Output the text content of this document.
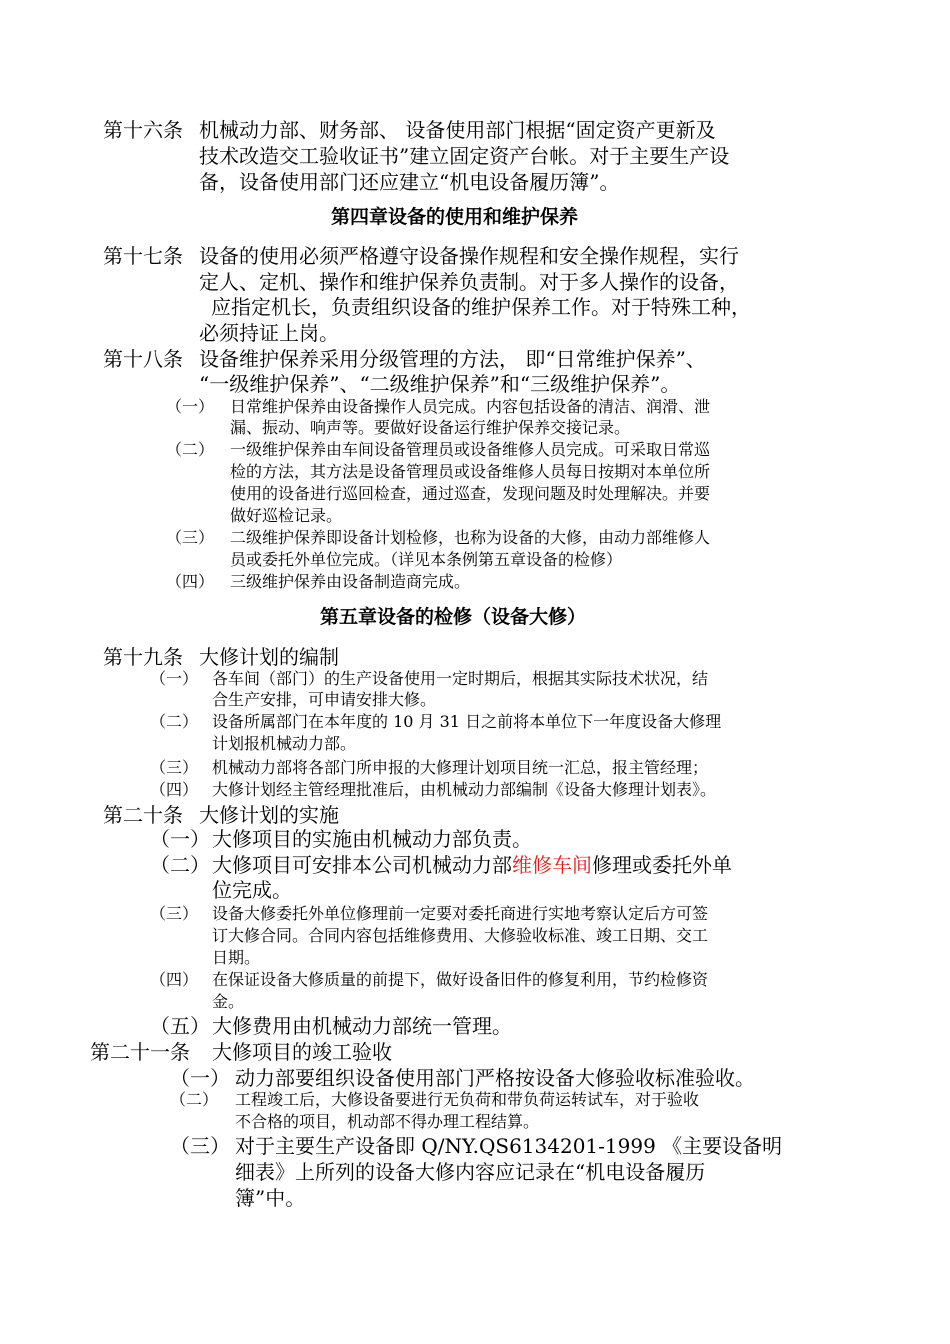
第十六条 机械动力部、财务部、 设备使用部门根据“固定资产更新及
技术改造交工验收证书”建立固定资产台帐。对于主要生产设
备，设备使用部门还应建立“机电设备履历簿”。
第四章设备的使用和维护保养
第十七条 设备的使用必须严格遵守设备操作规程和安全操作规程，实行
定人、定机、操作和维护保养负责制。对于多人操作的设备，
应指定机长，负责组织设备的维护保养工作。对于特殊工种，
必须持证上岗。
第十八条 设备维护保养采用分级管理的方法， 即“日常维护保养”、
“一级维护保养”、“二级维护保养”和“三级维护保养”。
（一） 日常维护保养由设备操作人员完成。内容包括设备的清洁、润滑、泄
漏、振动、响声等。要做好设备运行维护保养交接记录。
（二） 一级维护保养由车间设备管理员或设备维修人员完成。可采取日常巡
检的方法，其方法是设备管理员或设备维修人员每日按期对本单位所
使用的设备进行巡回检查，通过巡查，发现问题及时处理解决。并要
做好巡检记录。
（三） 二级维护保养即设备计划检修，也称为设备的大修，由动力部维修人
员或委托外单位完成。（详见本条例第五章设备的检修）
（四） 三级维护保养由设备制造商完成。
第五章设备的检修（设备大修）
第十九条 大修计划的编制
（一） 各车间（部门）的生产设备使用一定时期后，根据其实际技术状况，结
合生产安排，可申请安排大修。
（二） 设备所属部门在本年度的 10 月 31 日之前将本单位下一年度设备大修理
计划报机械动力部。
（三） 机械动力部将各部门所申报的大修理计划项目统一汇总，报主管经理；
（四） 大修计划经主管经理批准后，由机械动力部编制《设备大修理计划表》。
第二十条 大修计划的实施
（一） 大修项目的实施由机械动力部负责。
（二） 大修项目可安排本公司机械动力部维修车间修理或委托外单
位完成。
（三） 设备大修委托外单位修理前一定要对委托商进行实地考察认定后方可签
订大修合同。合同内容包括维修费用、大修验收标准、竣工日期、交工
日期。
（四） 在保证设备大修质量的前提下，做好设备旧件的修复利用，节约检修资
金。
（五） 大修费用由机械动力部统一管理。
第二十一条 大修项目的竣工验收
（一） 动力部要组织设备使用部门严格按设备大修验收标准验收。
（二） 工程竣工后，大修设备要进行无负荷和带负荷运转试车，对于验收
不合格的项目，机动部不得办理工程结算。
（三） 对于主要生产设备即 Q/NY.QS6134201-1999 《主要设备明
细表》上所列的设备大修内容应记录在“机电设备履历
簿”中。
